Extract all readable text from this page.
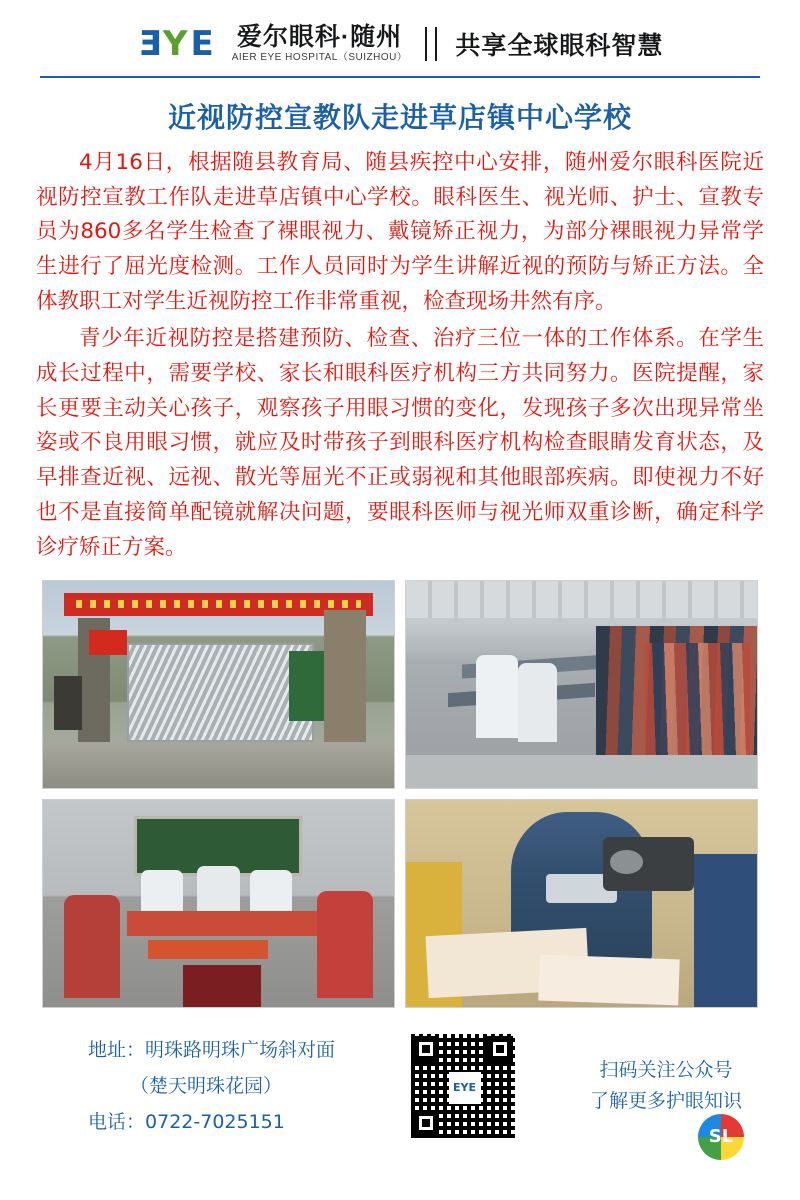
E Y E 爱尔眼科·随州
AIER EYE HOSPITAL（SUIZHOU） 共享全球眼科智慧
近视防控宣教队走进草店镇中心学校

4月16日，根据随县教育局、随县疾控中心安排，随州爱尔眼科医院近视防控宣教工作队走进草店镇中心学校。眼科医生、视光师、护士、宣教专员为860多名学生检查了裸眼视力、戴镜矫正视力，为部分裸眼视力异常学生进行了屈光度检测。工作人员同时为学生讲解近视的预防与矫正方法。全体教职工对学生近视防控工作非常重视，检查现场井然有序。

青少年近视防控是搭建预防、检查、治疗三位一体的工作体系。在学生成长过程中，需要学校、家长和眼科医疗机构三方共同努力。医院提醒，家长更要主动关心孩子，观察孩子用眼习惯的变化，发现孩子多次出现异常坐姿或不良用眼习惯，就应及时带孩子到眼科医疗机构检查眼睛发育状态，及早排查近视、远视、散光等屈光不正或弱视和其他眼部疾病。即使视力不好也不是直接简单配镜就解决问题，要眼科医师与视光师双重诊断，确定科学诊疗矫正方案。

地址：明珠路明珠广场斜对面
（楚天明珠花园）
电话：0722-7025151
EYE
扫码关注公众号
了解更多护眼知识
SL
